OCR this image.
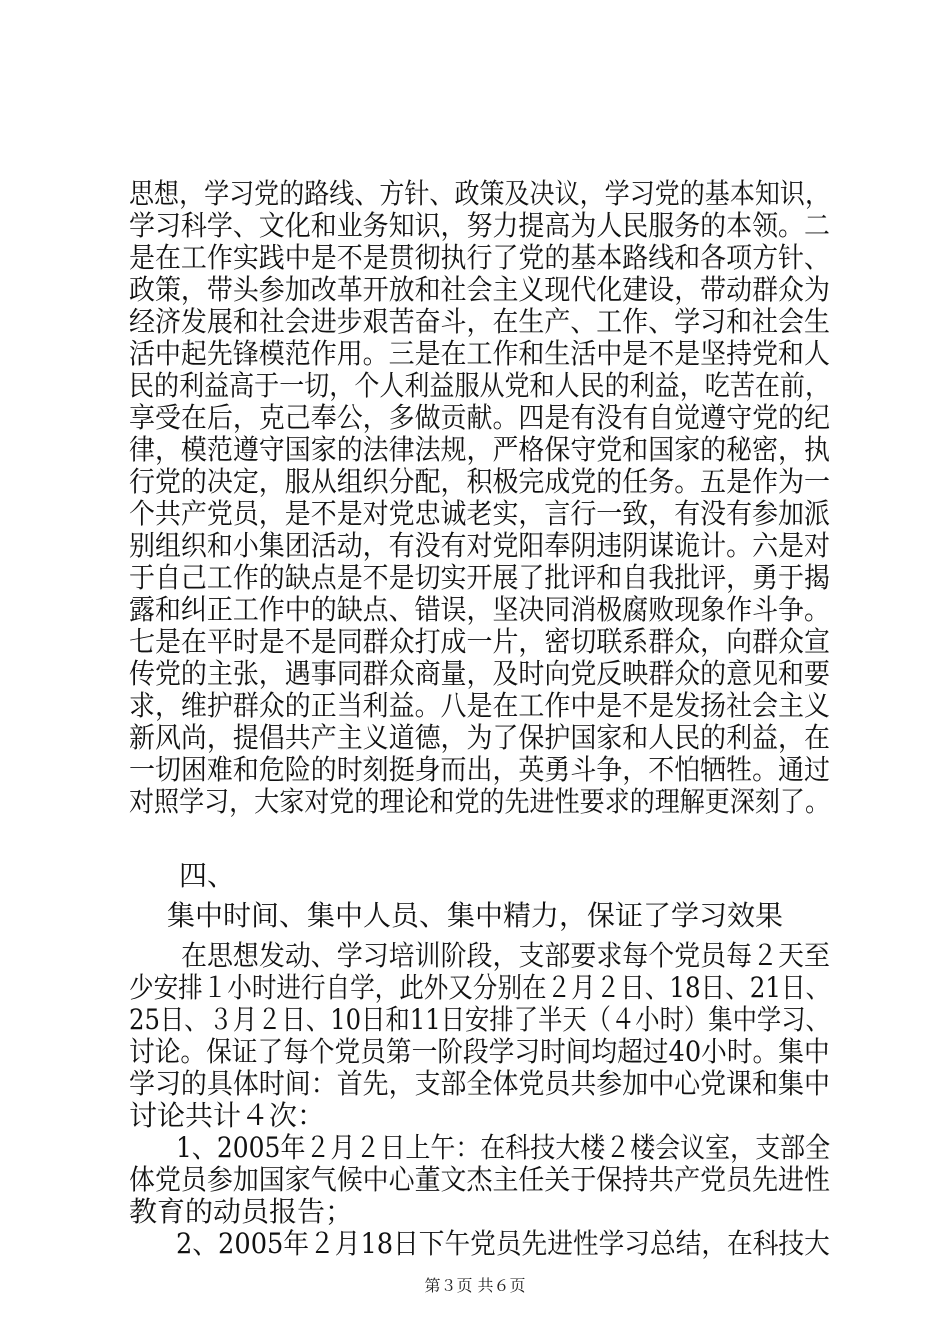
思想，学习党的路线、方针、政策及决议，学习党的基本知识，
学习科学、文化和业务知识，努力提高为人民服务的本领。二
是在工作实践中是不是贯彻执行了党的基本路线和各项方针、
政策，带头参加改革开放和社会主义现代化建设，带动群众为
经济发展和社会进步艰苦奋斗，在生产、工作、学习和社会生
活中起先锋模范作用。三是在工作和生活中是不是坚持党和人
民的利益高于一切，个人利益服从党和人民的利益，吃苦在前，
享受在后，克己奉公，多做贡献。四是有没有自觉遵守党的纪
律，模范遵守国家的法律法规，严格保守党和国家的秘密，执
行党的决定，服从组织分配，积极完成党的任务。五是作为一
个共产党员，是不是对党忠诚老实，言行一致，有没有参加派
别组织和小集团活动，有没有对党阳奉阴违阴谋诡计。六是对
于自己工作的缺点是不是切实开展了批评和自我批评，勇于揭
露和纠正工作中的缺点、错误，坚决同消极腐败现象作斗争。
七是在平时是不是同群众打成一片，密切联系群众，向群众宣
传党的主张，遇事同群众商量，及时向党反映群众的意见和要
求，维护群众的正当利益。八是在工作中是不是发扬社会主义
新风尚，提倡共产主义道德，为了保护国家和人民的利益，在
一切困难和危险的时刻挺身而出，英勇斗争，不怕牺牲。通过
对照学习，大家对党的理论和党的先进性要求的理解更深刻了。
四、
集中时间、集中人员、集中精力，保证了学习效果
在思想发动、学习培训阶段，支部要求每个党员每２天至
少安排１小时进行自学，此外又分别在２月２日、18日、21日、
25日、３月２日、10日和11日安排了半天（４小时）集中学习、
讨论。保证了每个党员第一阶段学习时间均超过40小时。集中
学习的具体时间：首先，支部全体党员共参加中心党课和集中
讨论共计４次：
1、2005年２月２日上午：在科技大楼２楼会议室，支部全
体党员参加国家气候中心董文杰主任关于保持共产党员先进性
教育的动员报告；
2、2005年２月18日下午党员先进性学习总结，在科技大
第３页 共６页
